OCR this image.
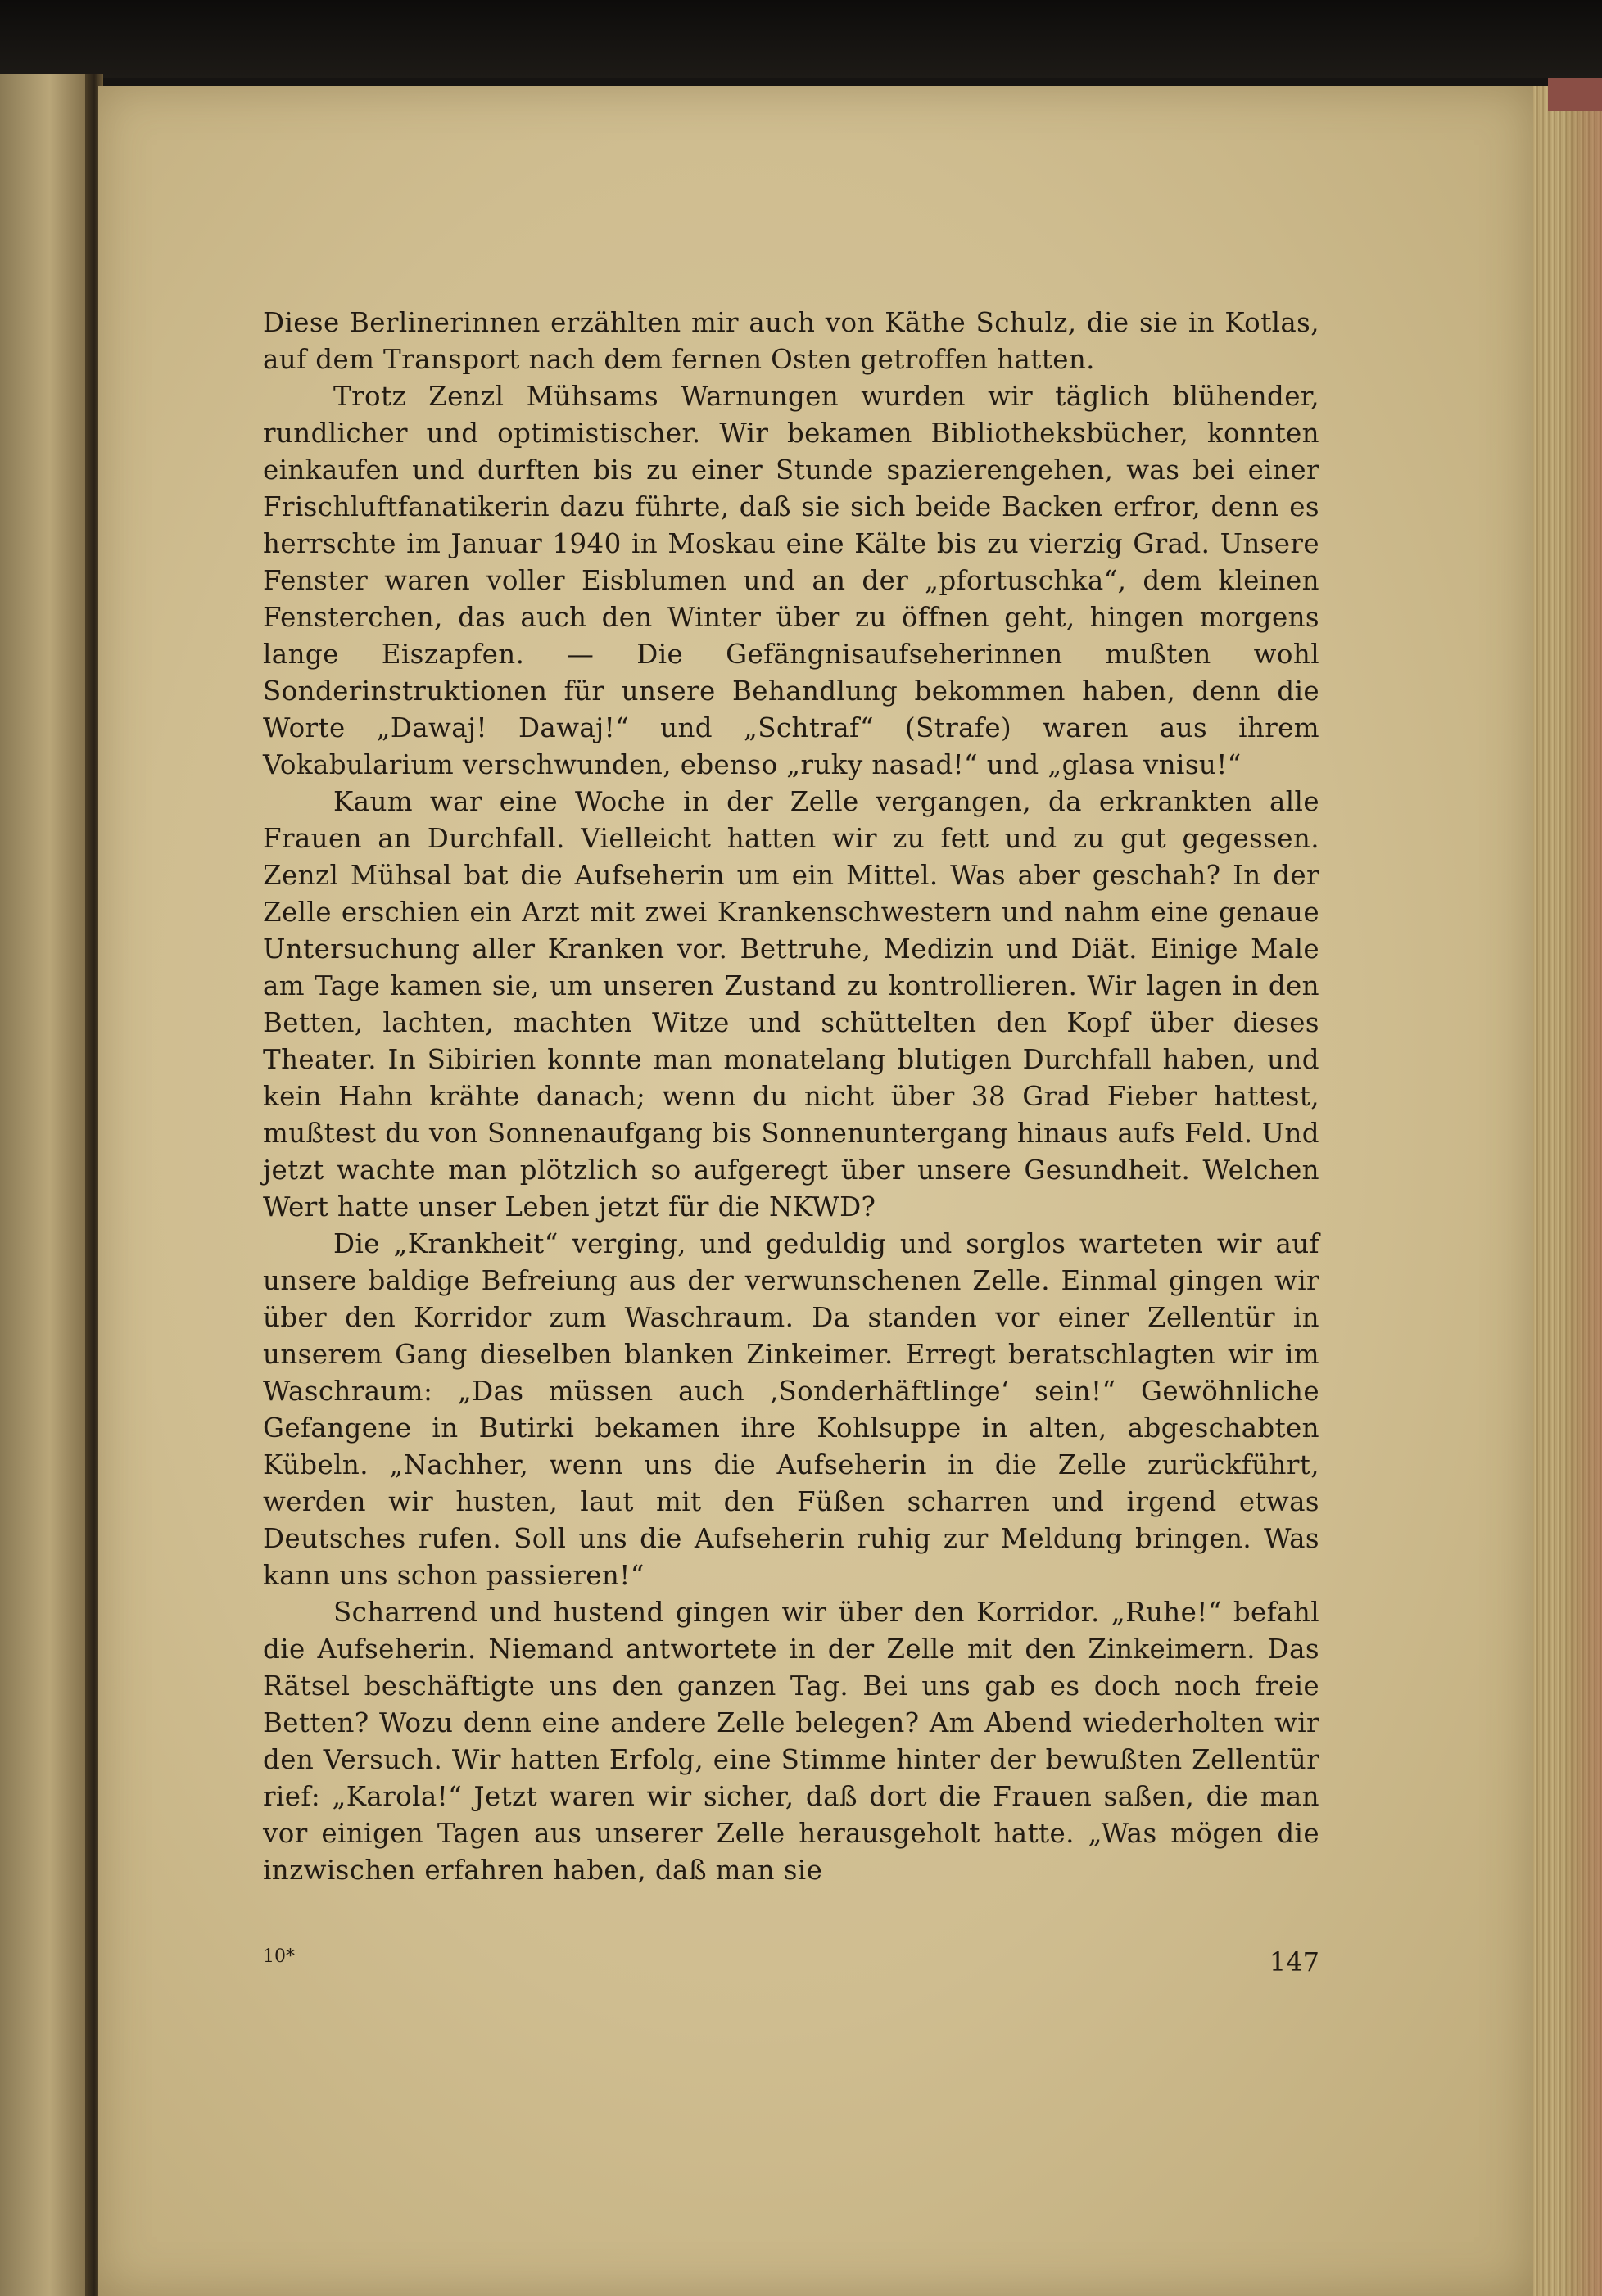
Diese Berlinerinnen erzählten mir auch von Käthe Schulz, die sie in Kotlas, auf dem Transport nach dem fernen Osten getroffen hatten.

Trotz Zenzl Mühsams Warnungen wurden wir täglich blühender, rundlicher und optimistischer. Wir bekamen Bibliotheksbücher, konnten einkaufen und durften bis zu einer Stunde spazierengehen, was bei einer Frischluftfanatikerin dazu führte, daß sie sich beide Backen erfror, denn es herrschte im Januar 1940 in Moskau eine Kälte bis zu vierzig Grad. Unsere Fenster waren voller Eisblumen und an der „pfortuschka“, dem kleinen Fensterchen, das auch den Winter über zu öffnen geht, hingen morgens lange Eiszapfen. — Die Gefängnisaufseherinnen mußten wohl Sonderinstruktionen für unsere Behandlung bekommen haben, denn die Worte „Dawaj! Dawaj!“ und „Schtraf“ (Strafe) waren aus ihrem Vokabularium verschwunden, ebenso „ruky nasad!“ und „glasa vnisu!“

Kaum war eine Woche in der Zelle vergangen, da erkrankten alle Frauen an Durchfall. Vielleicht hatten wir zu fett und zu gut gegessen. Zenzl Mühsal bat die Aufseherin um ein Mittel. Was aber geschah? In der Zelle erschien ein Arzt mit zwei Krankenschwestern und nahm eine genaue Untersuchung aller Kranken vor. Bettruhe, Medizin und Diät. Einige Male am Tage kamen sie, um unseren Zustand zu kontrollieren. Wir lagen in den Betten, lachten, machten Witze und schüttelten den Kopf über dieses Theater. In Sibirien konnte man monatelang blutigen Durchfall haben, und kein Hahn krähte danach; wenn du nicht über 38 Grad Fieber hattest, mußtest du von Sonnenaufgang bis Sonnenuntergang hinaus aufs Feld. Und jetzt wachte man plötzlich so aufgeregt über unsere Gesundheit. Welchen Wert hatte unser Leben jetzt für die NKWD?

Die „Krankheit“ verging, und geduldig und sorglos warteten wir auf unsere baldige Befreiung aus der verwunschenen Zelle. Einmal gingen wir über den Korridor zum Waschraum. Da standen vor einer Zellentür in unserem Gang dieselben blanken Zinkeimer. Erregt beratschlagten wir im Waschraum: „Das müssen auch ‚Sonderhäftlinge‘ sein!“ Gewöhnliche Gefangene in Butirki bekamen ihre Kohlsuppe in alten, abgeschabten Kübeln. „Nachher, wenn uns die Aufseherin in die Zelle zurückführt, werden wir husten, laut mit den Füßen scharren und irgend etwas Deutsches rufen. Soll uns die Aufseherin ruhig zur Meldung bringen. Was kann uns schon passieren!“

Scharrend und hustend gingen wir über den Korridor. „Ruhe!“ befahl die Aufseherin. Niemand antwortete in der Zelle mit den Zinkeimern. Das Rätsel beschäftigte uns den ganzen Tag. Bei uns gab es doch noch freie Betten? Wozu denn eine andere Zelle belegen? Am Abend wiederholten wir den Versuch. Wir hatten Erfolg, eine Stimme hinter der bewußten Zellentür rief: „Karola!“ Jetzt waren wir sicher, daß dort die Frauen saßen, die man vor einigen Tagen aus unserer Zelle herausgeholt hatte. „Was mögen die inzwischen erfahren haben, daß man sie

10*	147
